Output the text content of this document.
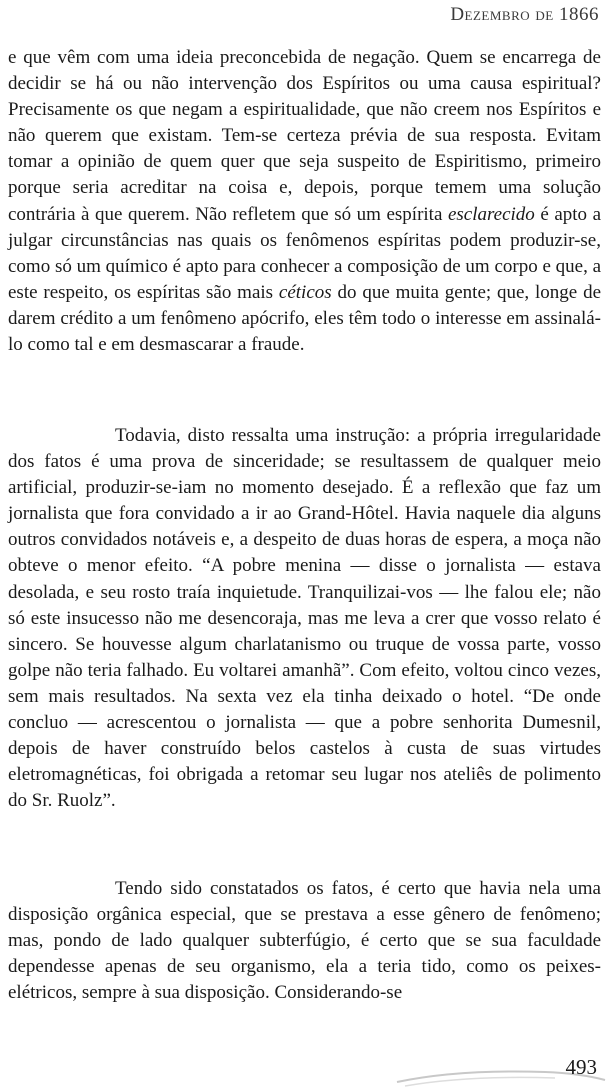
Dezembro de 1866
e que vêm com uma ideia preconcebida de negação. Quem se encarrega de decidir se há ou não intervenção dos Espíritos ou uma causa espiritual? Precisamente os que negam a espiritualidade, que não creem nos Espíritos e não querem que existam. Tem-se certeza prévia de sua resposta. Evitam tomar a opinião de quem quer que seja suspeito de Espiritismo, primeiro porque seria acreditar na coisa e, depois, porque temem uma solução contrária à que querem. Não refletem que só um espírita esclarecido é apto a julgar circunstâncias nas quais os fenômenos espíritas podem produzir-se, como só um químico é apto para conhecer a composição de um corpo e que, a este respeito, os espíritas são mais céticos do que muita gente; que, longe de darem crédito a um fenômeno apócrifo, eles têm todo o interesse em assinalá-lo como tal e em desmascarar a fraude.
Todavia, disto ressalta uma instrução: a própria irregularidade dos fatos é uma prova de sinceridade; se resultassem de qualquer meio artificial, produzir-se-iam no momento desejado. É a reflexão que faz um jornalista que fora convidado a ir ao Grand-Hôtel. Havia naquele dia alguns outros convidados notáveis e, a despeito de duas horas de espera, a moça não obteve o menor efeito. “A pobre menina — disse o jornalista — estava desolada, e seu rosto traía inquietude. Tranquilizai-vos — lhe falou ele; não só este insucesso não me desencoraja, mas me leva a crer que vosso relato é sincero. Se houvesse algum charlatanismo ou truque de vossa parte, vosso golpe não teria falhado. Eu voltarei amanhã”. Com efeito, voltou cinco vezes, sem mais resultados. Na sexta vez ela tinha deixado o hotel. “De onde concluo — acrescentou o jornalista — que a pobre senhorita Dumesnil, depois de haver construído belos castelos à custa de suas virtudes eletromagnéticas, foi obrigada a retomar seu lugar nos ateliês de polimento do Sr. Ruolz”.
Tendo sido constatados os fatos, é certo que havia nela uma disposição orgânica especial, que se prestava a esse gênero de fenômeno; mas, pondo de lado qualquer subterfúgio, é certo que se sua faculdade dependesse apenas de seu organismo, ela a teria tido, como os peixes-elétricos, sempre à sua disposição. Considerando-se
493
